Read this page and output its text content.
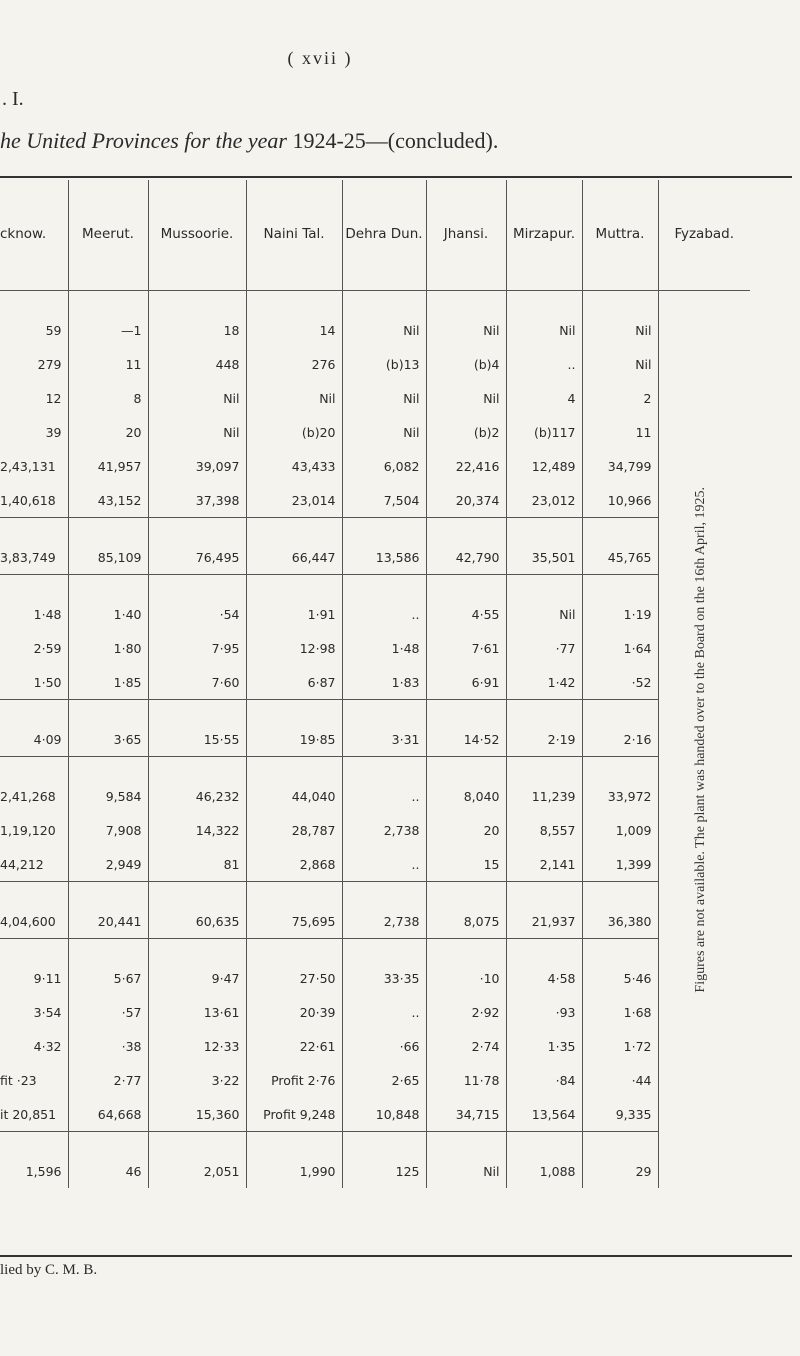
( xvii )
. I.
he United Provinces for the year 1924-25—(concluded).
cknow.	Meerut.	Mussoorie.	Naini Tal.	Dehra Dun.	Jhansi.	Mirzapur.	Muttra.	Fyzabad.

								Figures are not available. The plant was handed over to the Board on the 16th April, 1925.

59	—1	18	14	Nil	Nil	Nil	Nil	
279	11	448	276	(b)13	(b)4	..	Nil	
12	8	Nil	Nil	Nil	Nil	4	2	
39	20	Nil	(b)20	Nil	(b)2	(b)117	11	
2,43,131	41,957	39,097	43,433	6,082	22,416	12,489	34,799	
1,40,618	43,152	37,398	23,014	7,504	20,374	23,012	10,966	

3,83,749	85,109	76,495	66,447	13,586	42,790	35,501	45,765	

1·48	1·40	·54	1·91	..	4·55	Nil	1·19	
2·59	1·80	7·95	12·98	1·48	7·61	·77	1·64	
1·50	1·85	7·60	6·87	1·83	6·91	1·42	·52	

4·09	3·65	15·55	19·85	3·31	14·52	2·19	2·16	

2,41,268	9,584	46,232	44,040	..	8,040	11,239	33,972	
1,19,120	7,908	14,322	28,787	2,738	20	8,557	1,009	
44,212	2,949	81	2,868	..	15	2,141	1,399	

4,04,600	20,441	60,635	75,695	2,738	8,075	21,937	36,380	

9·11	5·67	9·47	27·50	33·35	·10	4·58	5·46	
3·54	·57	13·61	20·39	..	2·92	·93	1·68	
4·32	·38	12·33	22·61	·66	2·74	1·35	1·72	
fit ·23	2·77	3·22	Profit 2·76	2·65	11·78	·84	·44	
it 20,851	64,668	15,360	Profit 9,248	10,848	34,715	13,564	9,335	

1,596	46	2,051	1,990	125	Nil	1,088	29	
lied by C. M. B.
